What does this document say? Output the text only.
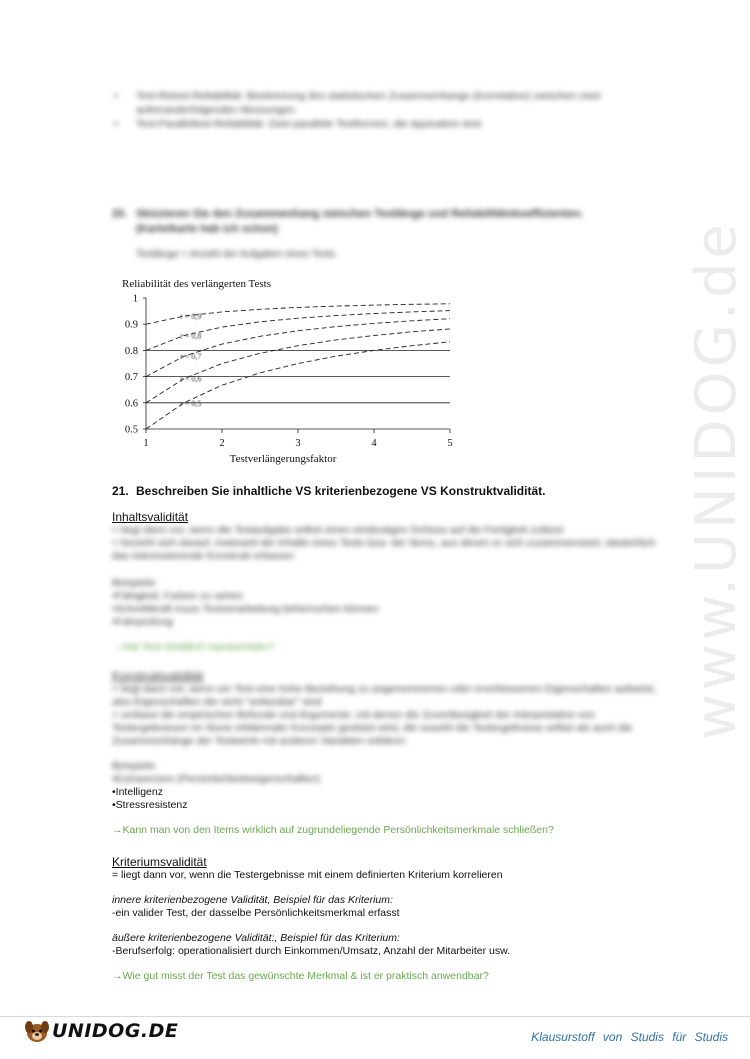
www.UNIDOG.de
• Test-Retest-Reliabilität: Bestimmung des statistischen Zusammenhangs (Korrelation) zwischen zwei aufeinanderfolgenden Messungen
• Test-Paralleltest-Reliabilität: Zwei parallele Testformen, die äquivalent sind
20. Skizzieren Sie den Zusammenhang zwischen Testlänge und Reliabilitätskoeffizienten.
(Karteikarte hab ich schon)
Testlänge = Anzahl der Aufgaben eines Tests
Reliabilität des verlängerten Tests
0.5
0.6
0.7
0.8
0.9
1
1	2	3	4	5
Testverlängerungsfaktor
r = 0,9
r = 0,8
r = 0,7
r = 0,6
r = 0,5
21. Beschreiben Sie inhaltliche VS kriterienbezogene VS Konstruktvalidität.
Inhaltsvalidität
= liegt dann vor, wenn die Testaufgabe selbst einen eindeutigen Schluss auf die Fertigkeit zulässt
= bezieht sich darauf, inwieweit die Inhalte eines Tests bzw. der Items, aus denen er sich zusammensetzt, tatsächlich das interessierende Konstrukt erfassen
Beispiele:
•Fähigkeit, Farben zu sehen
•Schreibkraft muss Textverarbeitung beherrschen können
•Fahrprüfung
→Hat Test inhaltlich repräsentativ?
Konstruktvalidität
= liegt dann vor, wenn ein Test eine hohe Beziehung zu angenommenen oder erschlossenen Eigenschaften aufweist, also Eigenschaften die nicht "anfassbar" sind
= umfasst die empirischen Befunde und Argumente, mit denen die Zuverlässigkeit der Interpretation von Testergebnissen im Sinne erklärender Konzepte gestützt wird, die sowohl die Testergebnisse selbst als auch die Zusammenhänge der Testwerte mit anderen Variablen erklären
Beispiele:
•Extraversion (Persönlichkeitseigenschaften)
•Intelligenz
•Stressresistenz
→Kann man von den Items wirklich auf zugrundeliegende Persönlichkeitsmerkmale schließen?
Kriteriumsvalidität
= liegt dann vor, wenn die Testergebnisse mit einem definierten Kriterium korrelieren
innere kriterienbezogene Validität, Beispiel für das Kriterium:
-ein valider Test, der dasselbe Persönlichkeitsmerkmal erfasst
äußere kriterienbezogene Validität:, Beispiel für das Kriterium:
-Berufserfolg: operationalisiert durch Einkommen/Umsatz, Anzahl der Mitarbeiter usw.
→Wie gut misst der Test das gewünschte Merkmal & ist er praktisch anwendbar?
UNIDOG.DE	Klausurstoff von Studis für Studis
